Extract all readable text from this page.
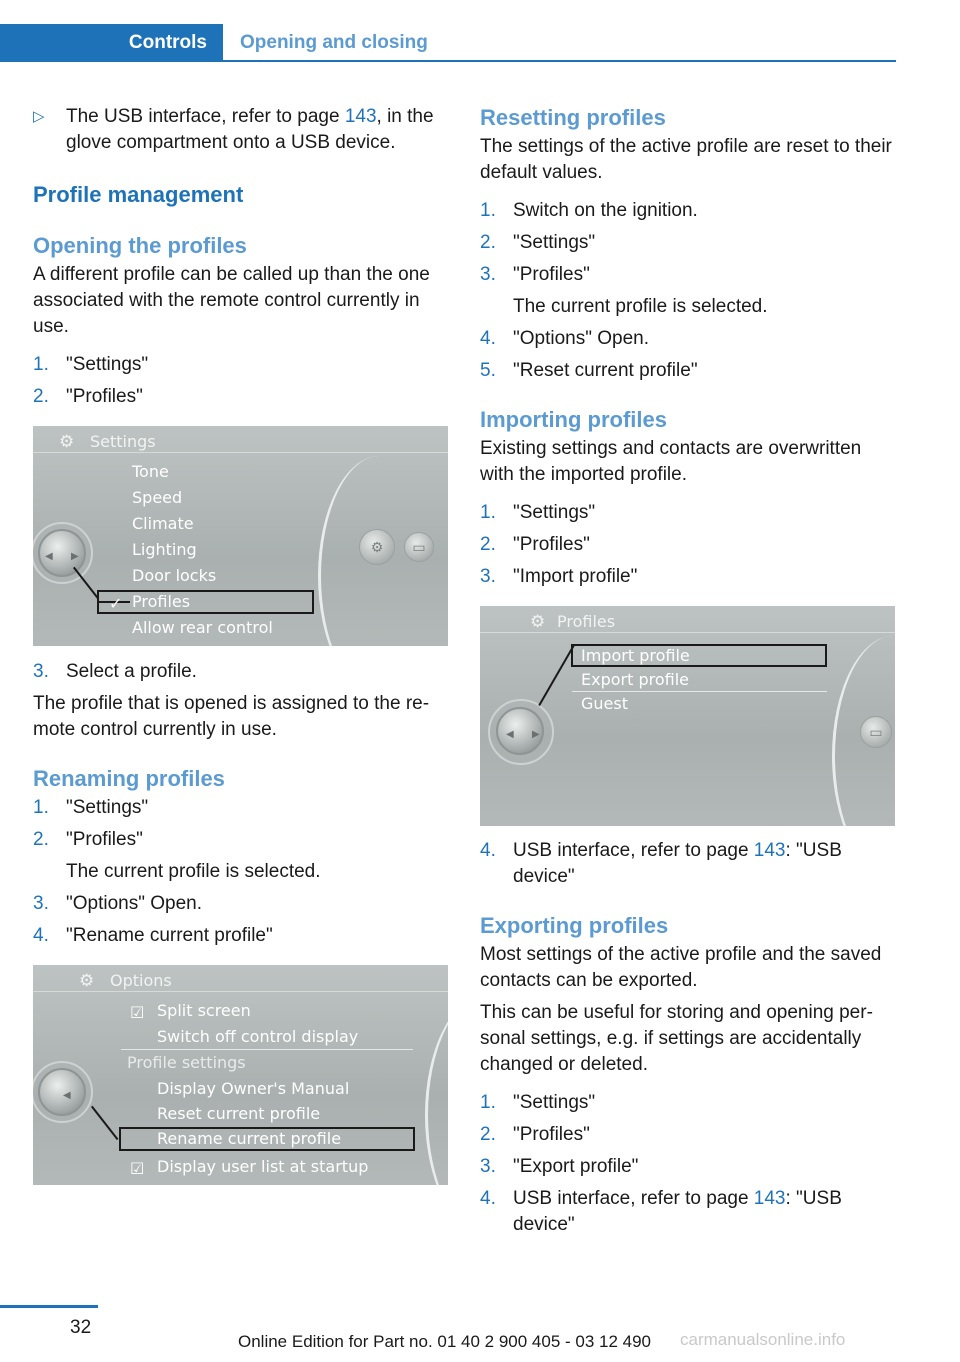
Controls	Opening and closing
▷ The USB interface, refer to page 143, in the glove compartment onto a USB device.
Profile management
Opening the profiles

A different profile can be called up than the one associated with the remote control currently in use.

1. "Settings"
2. "Profiles"
⚙ Settings
◀ ▶
⚙	▭
Tone
Speed
Climate
Lighting
Door locks
✓ Profiles
Allow rear control
3. Select a profile.

The profile that is opened is assigned to the remote control currently in use.

Renaming profiles
1. "Settings"
2. "Profiles"
The current profile is selected.
3. "Options" Open.
4. "Rename current profile"
⚙ Options
◀
☑ Split screen
Switch off control display
Profile settings
Display Owner's Manual
Reset current profile
Rename current profile
☑ Display user list at startup
Resetting profiles

The settings of the active profile are reset to their default values.

1. Switch on the ignition.
2. "Settings"
3. "Profiles"
The current profile is selected.
4. "Options" Open.
5. "Reset current profile"
Importing profiles

Existing settings and contacts are overwritten with the imported profile.

1. "Settings"
2. "Profiles"
3. "Import profile"
⚙ Profiles
◀ ▶	▭
Import profile
Export profile
Guest
4. USB interface, refer to page 143: "USB device"
Exporting profiles

Most settings of the active profile and the saved contacts can be exported.

This can be useful for storing and opening personal settings, e.g. if settings are accidentally changed or deleted.

1. "Settings"
2. "Profiles"
3. "Export profile"
4. USB interface, refer to page 143: "USB device"
32
Online Edition for Part no. 01 40 2 900 405 - 03 12 490 carmanualsonline.info
